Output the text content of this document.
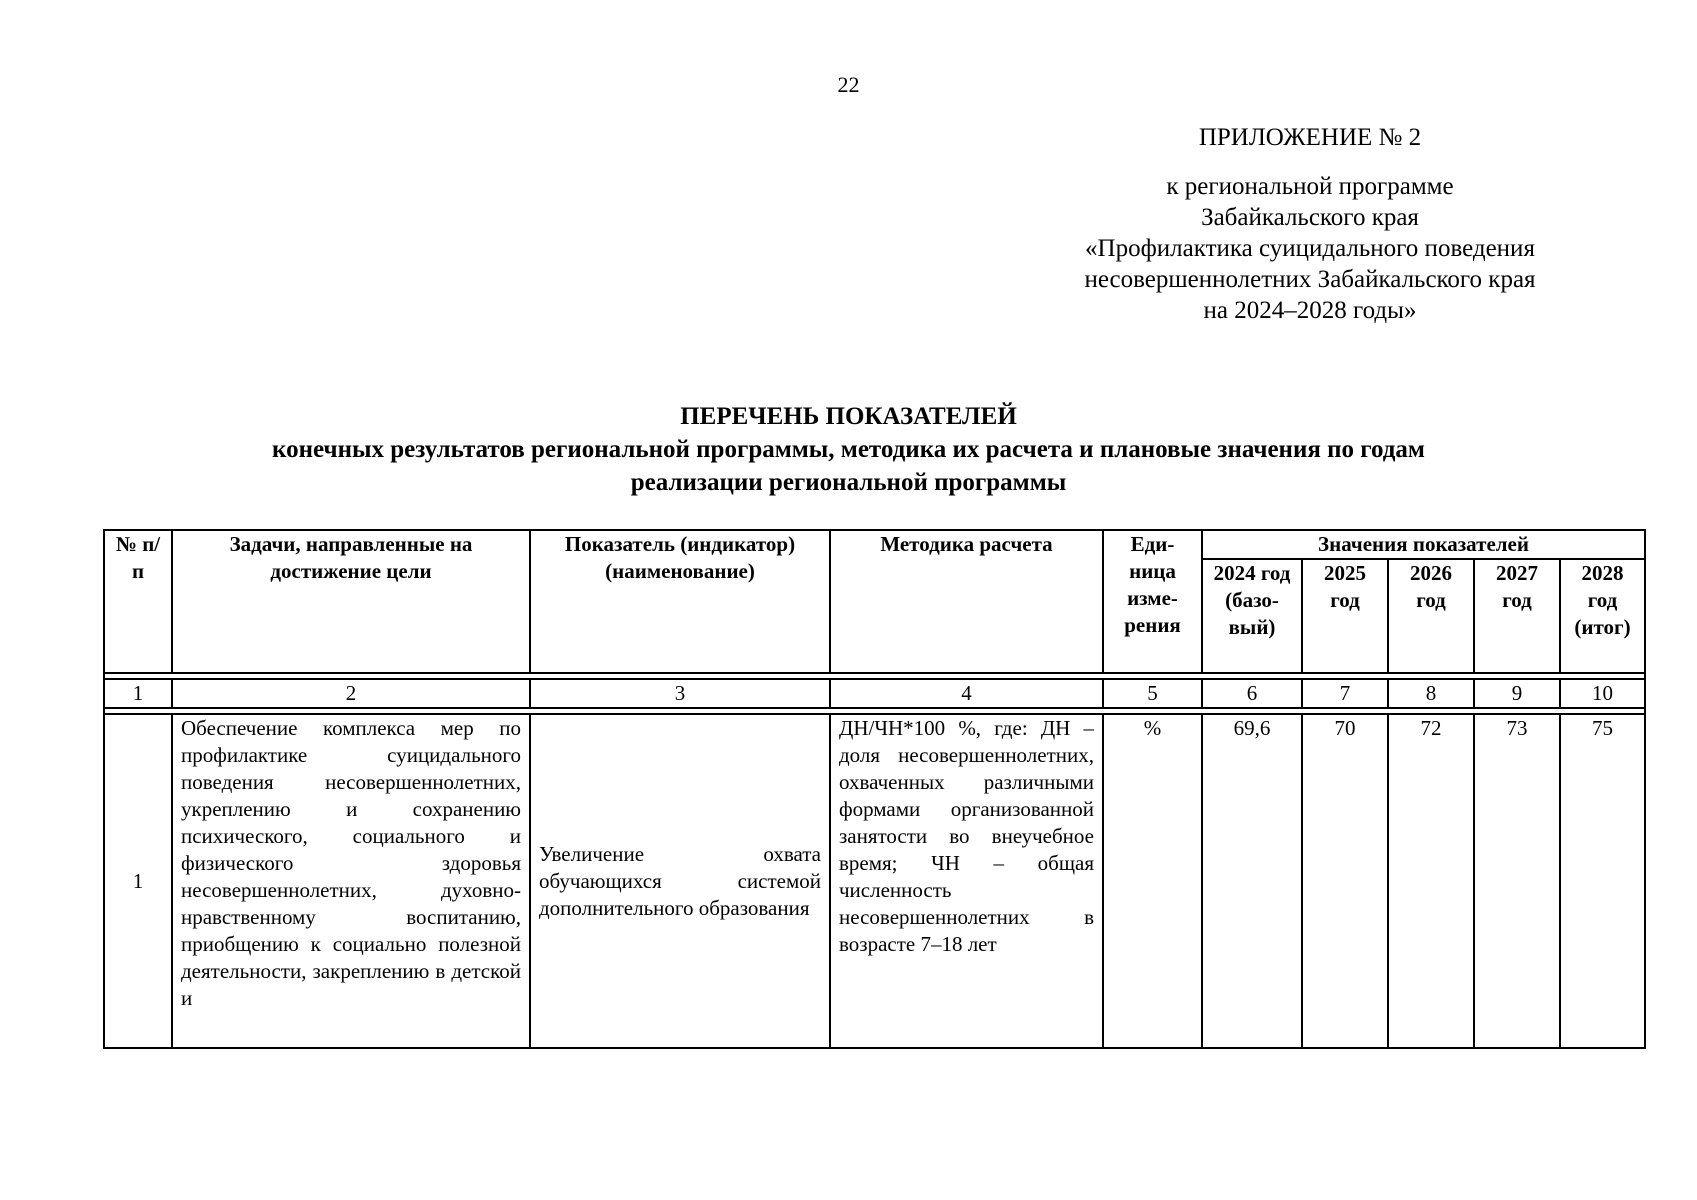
22
ПРИЛОЖЕНИЕ № 2
к региональной программе
Забайкальского края
«Профилактика суицидального поведения
несовершеннолетних Забайкальского края
на 2024–2028 годы»
ПЕРЕЧЕНЬ ПОКАЗАТЕЛЕЙ
конечных результатов региональной программы, методика их расчета и плановые значения по годам
реализации региональной программы
№ п/п	Задачи, направленные на достижение цели	Показатель (индикатор) (наименование)	Методика расчета	Еди-ница изме-рения	Значения показателей				
					2024 год (базо-вый)	2025 год	2026 год	2027 год	2028 год (итог)

1	2	3	4	5	6	7	8	9	10

1	Обеспечение комплекса мер по профилактике суицидального поведения несовершеннолетних, укреплению и сохранению психического, социального и физического здоровья несовершеннолетних, духовно-нравственному воспитанию, приобщению к социально полезной деятельности, закреплению в детской и	Увеличение охвата обучающихся системой дополнительного образования	ДН/ЧН*100 %, где: ДН – доля несовершеннолетних, охваченных различными формами организованной занятости во внеучебное время; ЧН – общая численность несовершеннолетних в возрасте 7–18 лет	%	69,6	70	72	73	75
